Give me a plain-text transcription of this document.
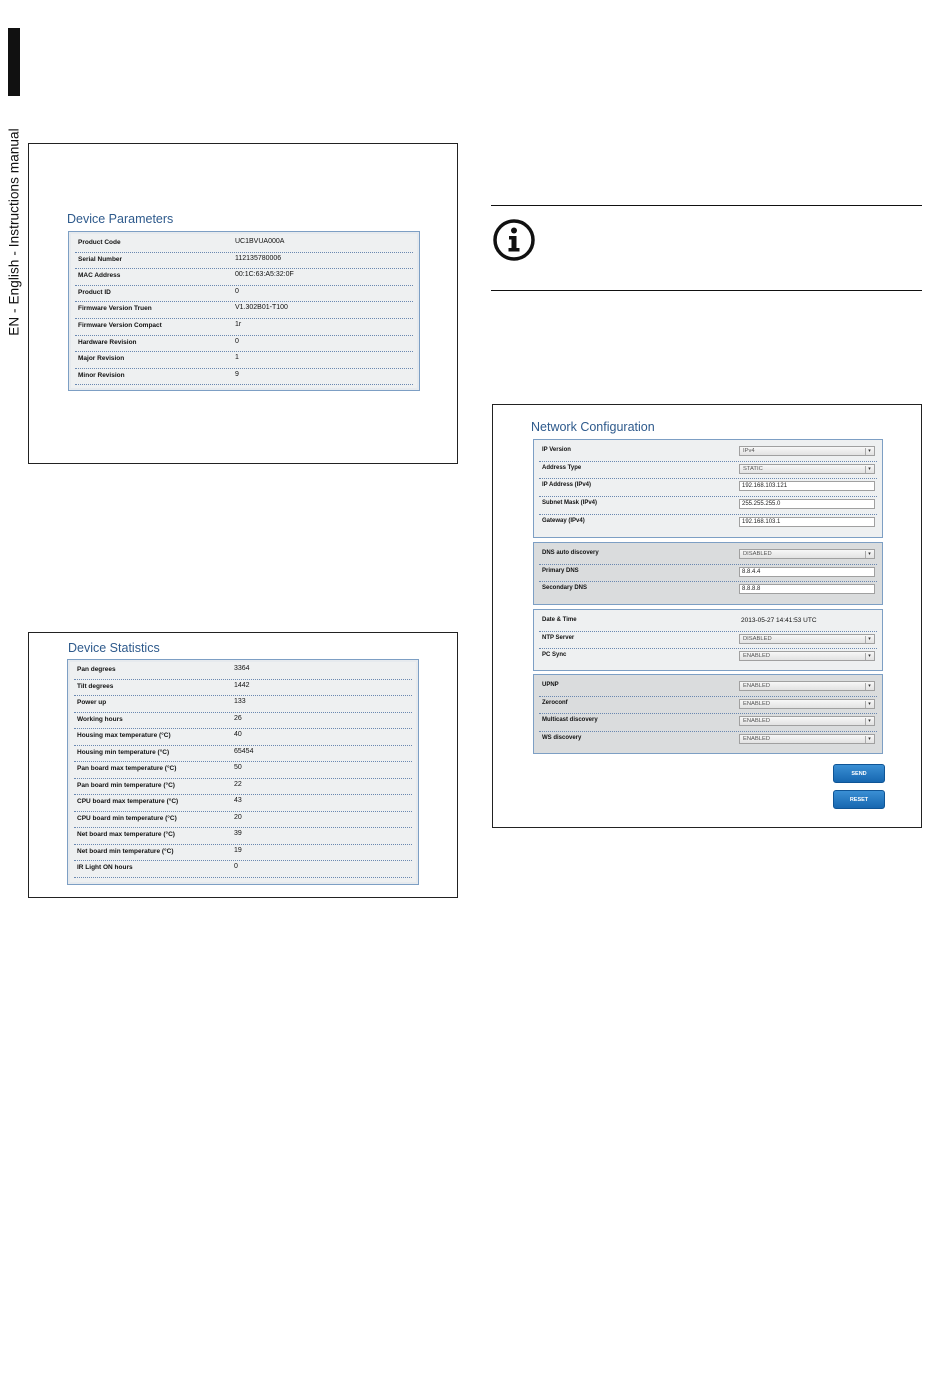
EN - English - Instructions manual	Device Parameters
Product Code	UC1BVUA000A
Serial Number	112135780006
MAC Address	00:1C:63:A5:32:0F
Product ID	0
Firmware Version Truen	V1.302B01-T100
Firmware Version Compact	1r
Hardware Revision	0
Major Revision	1
Minor Revision	9
Device Statistics
Pan degrees	3364
Tilt degrees	1442
Power up	133
Working hours	26
Housing max temperature (°C)	40
Housing min temperature (°C)	65454
Pan board max temperature (°C)	50
Pan board min temperature (°C)	22
CPU board max temperature (°C)	43
CPU board min temperature (°C)	20
Net board max temperature (°C)	39
Net board min temperature (°C)	19
IR Light ON hours	0
Network Configuration
IP Version	IPv4	▾
Address Type	STATIC	▾
IP Address (IPv4)	192.168.103.121
Subnet Mask (IPv4)	255.255.255.0
Gateway (IPv4)	192.168.103.1
DNS auto discovery	DISABLED	▾
Primary DNS	8.8.4.4
Secondary DNS	8.8.8.8
Date & Time	2013-05-27 14:41:53 UTC
NTP Server	DISABLED	▾
PC Sync	ENABLED	▾
UPNP	ENABLED	▾
Zeroconf	ENABLED	▾
Multicast discovery	ENABLED	▾
WS discovery	ENABLED	▾
SEND
RESET
